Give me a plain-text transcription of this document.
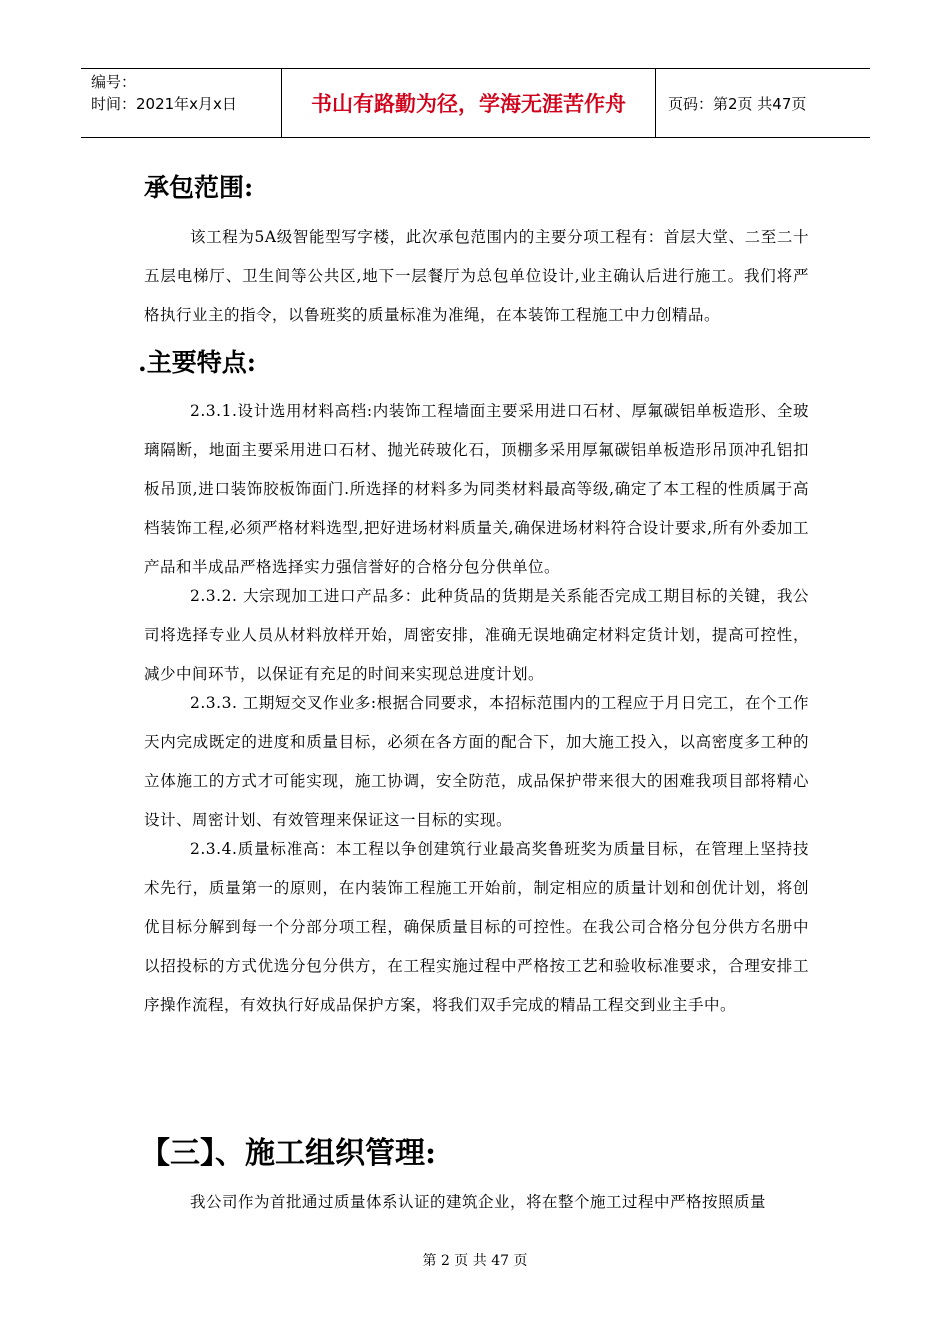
编号：
时间：2021年x月x日	书山有路勤为径，学海无涯苦作舟	页码：第2页 共47页
承包范围:
该工程为5A级智能型写字楼，此次承包范围内的主要分项工程有：首层大堂、二至二十五层电梯厅、卫生间等公共区,地下一层餐厅为总包单位设计,业主确认后进行施工。我们将严格执行业主的指令，以鲁班奖的质量标准为准绳，在本装饰工程施工中力创精品。
.主要特点:
2.3.1.设计选用材料高档:内装饰工程墙面主要采用进口石材、厚氟碳铝单板造形、全玻璃隔断，地面主要采用进口石材、抛光砖玻化石，顶棚多采用厚氟碳铝单板造形吊顶冲孔铝扣板吊顶,进口装饰胶板饰面门.所选择的材料多为同类材料最高等级,确定了本工程的性质属于高档装饰工程,必须严格材料选型,把好进场材料质量关,确保进场材料符合设计要求,所有外委加工产品和半成品严格选择实力强信誉好的合格分包分供单位。
2.3.2. 大宗现加工进口产品多：此种货品的货期是关系能否完成工期目标的关键，我公司将选择专业人员从材料放样开始，周密安排，准确无误地确定材料定货计划，提高可控性，减少中间环节，以保证有充足的时间来实现总进度计划。
2.3.3. 工期短交叉作业多:根据合同要求，本招标范围内的工程应于月日完工，在个工作天内完成既定的进度和质量目标，必须在各方面的配合下，加大施工投入，以高密度多工种的立体施工的方式才可能实现，施工协调，安全防范，成品保护带来很大的困难我项目部将精心设计、周密计划、有效管理来保证这一目标的实现。
2.3.4.质量标准高：本工程以争创建筑行业最高奖鲁班奖为质量目标，在管理上坚持技术先行，质量第一的原则，在内装饰工程施工开始前，制定相应的质量计划和创优计划，将创优目标分解到每一个分部分项工程，确保质量目标的可控性。在我公司合格分包分供方名册中以招投标的方式优选分包分供方，在工程实施过程中严格按工艺和验收标准要求，合理安排工序操作流程，有效执行好成品保护方案，将我们双手完成的精品工程交到业主手中。
【三】、施工组织管理:
我公司作为首批通过质量体系认证的建筑企业，将在整个施工过程中严格按照质量
第 2 页 共 47 页
